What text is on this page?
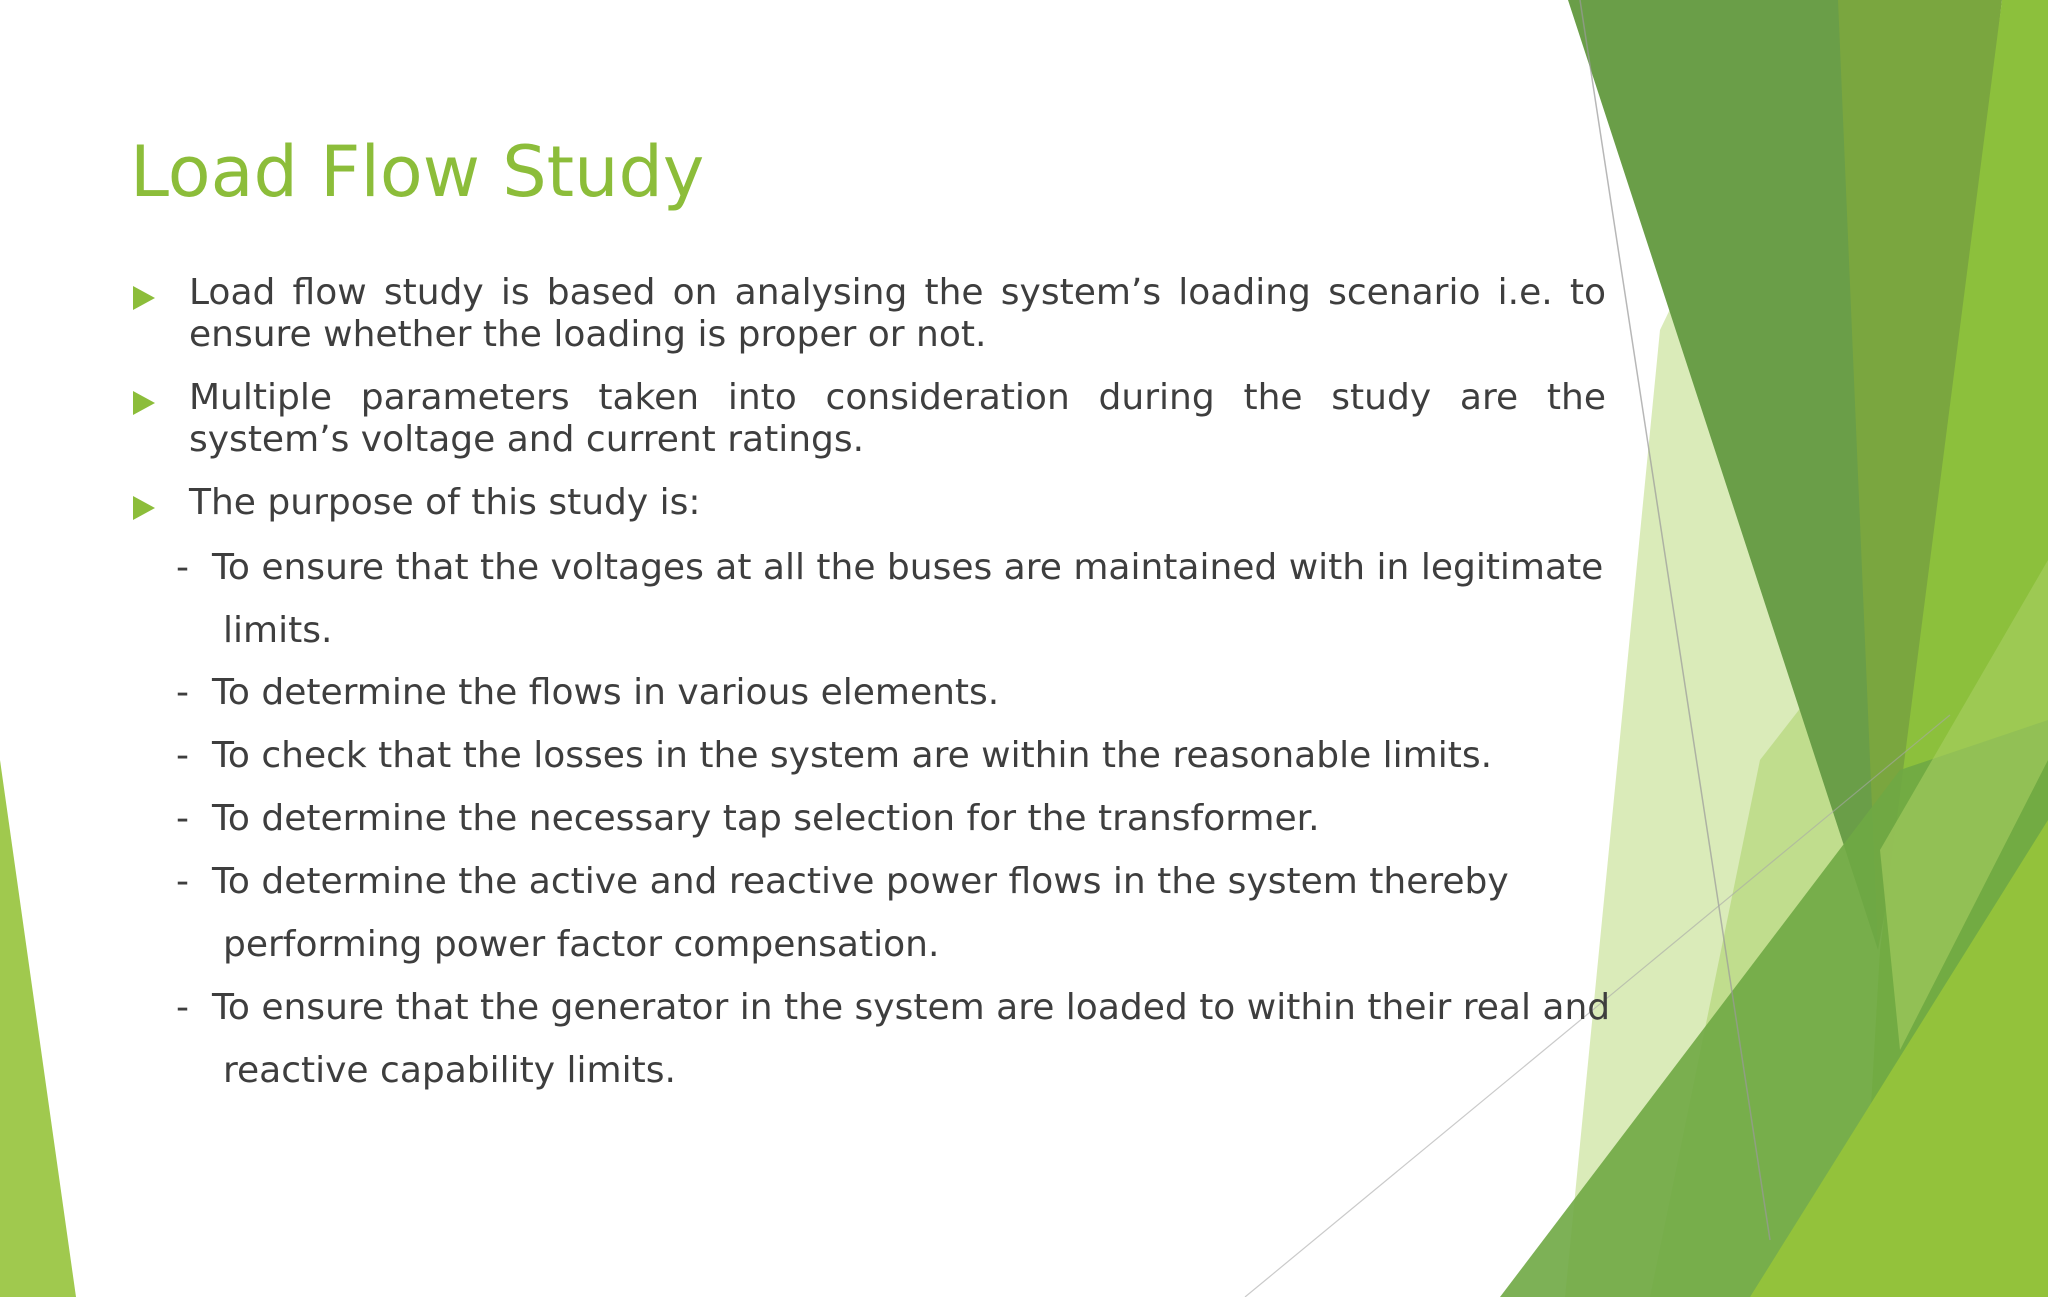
Load Flow Study
Load flow study is based on analysing the system’s loading scenario i.e. to ensure whether the loading is proper or not.
Multiple parameters taken into consideration during the study are the system’s voltage and current ratings.
The purpose of this study is:
- To ensure that the voltages at all the buses are maintained with in legitimate
limits.
- To determine the flows in various elements.
- To check that the losses in the system are within the reasonable limits.
- To determine the necessary tap selection for the transformer.
- To determine the active and reactive power flows in the system thereby
performing power factor compensation.
- To ensure that the generator in the system are loaded to within their real and
reactive capability limits.
